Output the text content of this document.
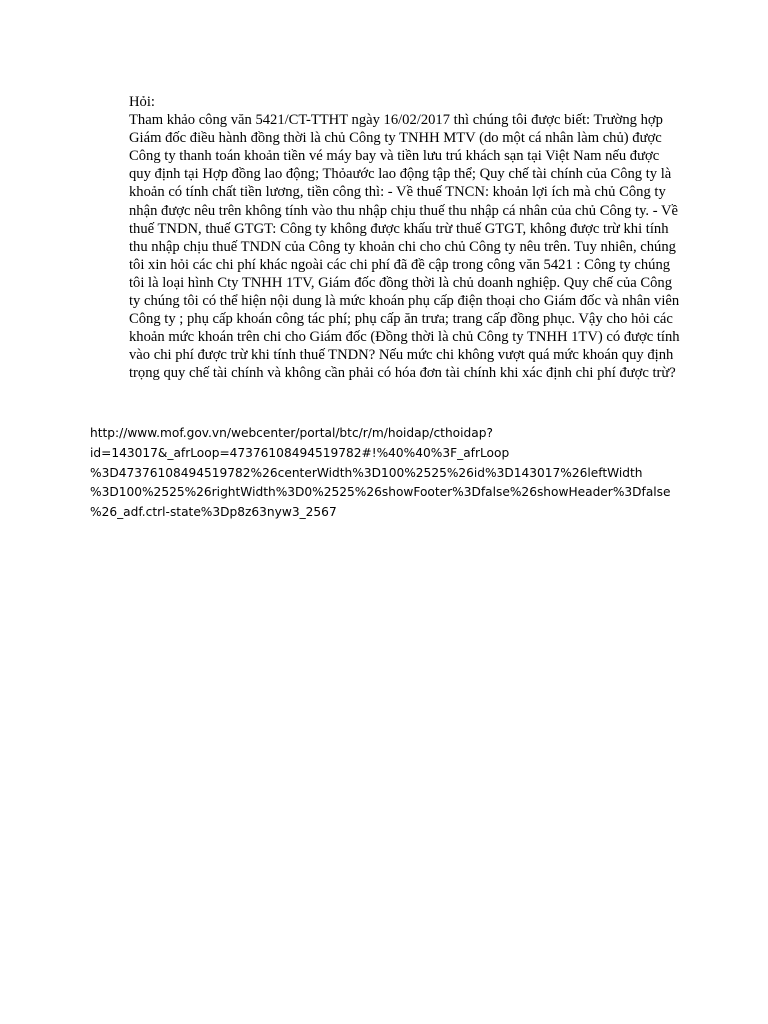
Hỏi:
Tham khảo công văn 5421/CT-TTHT ngày 16/02/2017 thì chúng tôi được biết: Trường hợp Giám đốc điều hành đồng thời là chủ Công ty TNHH MTV (do một cá nhân làm chủ) được Công ty thanh toán khoản tiền vé máy bay và tiền lưu trú khách sạn tại Việt Nam nếu được quy định tại Hợp đồng lao động; Thỏaước lao động tập thể; Quy chế tài chính của Công ty là khoản có tính chất tiền lương, tiền công thì: - Về thuế TNCN: khoản lợi ích mà chủ Công ty nhận được nêu trên không tính vào thu nhập chịu thuế thu nhập cá nhân của chủ Công ty. - Về thuế TNDN, thuế GTGT: Công ty không được khấu trừ thuế GTGT, không được trừ khi tính thu nhập chịu thuế TNDN của Công ty khoản chi cho chủ Công ty nêu trên. Tuy nhiên, chúng tôi xin hỏi các chi phí khác ngoài các chi phí đã đề cập trong công văn 5421 : Công ty chúng tôi là loại hình Cty TNHH 1TV, Giám đốc đồng thời là chủ doanh nghiệp. Quy chế của Công ty chúng tôi có thể hiện nội dung là mức khoán phụ cấp điện thoại cho Giám đốc và nhân viên Công ty ; phụ cấp khoán công tác phí; phụ cấp ăn trưa; trang cấp đồng phục. Vậy cho hỏi các khoản mức khoán trên chi cho Giám đốc (Đồng thời là chủ Công ty TNHH 1TV) có được tính vào chi phí được trừ khi tính thuế TNDN? Nếu mức chi không vượt quá mức khoán quy định trọng quy chế tài chính và không cần phải có hóa đơn tài chính khi xác định chi phí được trừ?
http://www.mof.gov.vn/webcenter/portal/btc/r/m/hoidap/cthoidap?
id=143017&_afrLoop=47376108494519782#!%40%40%3F_afrLoop
%3D47376108494519782%26centerWidth%3D100%2525%26id%3D143017%26leftWidth
%3D100%2525%26rightWidth%3D0%2525%26showFooter%3Dfalse%26showHeader%3Dfalse
%26_adf.ctrl-state%3Dp8z63nyw3_2567
